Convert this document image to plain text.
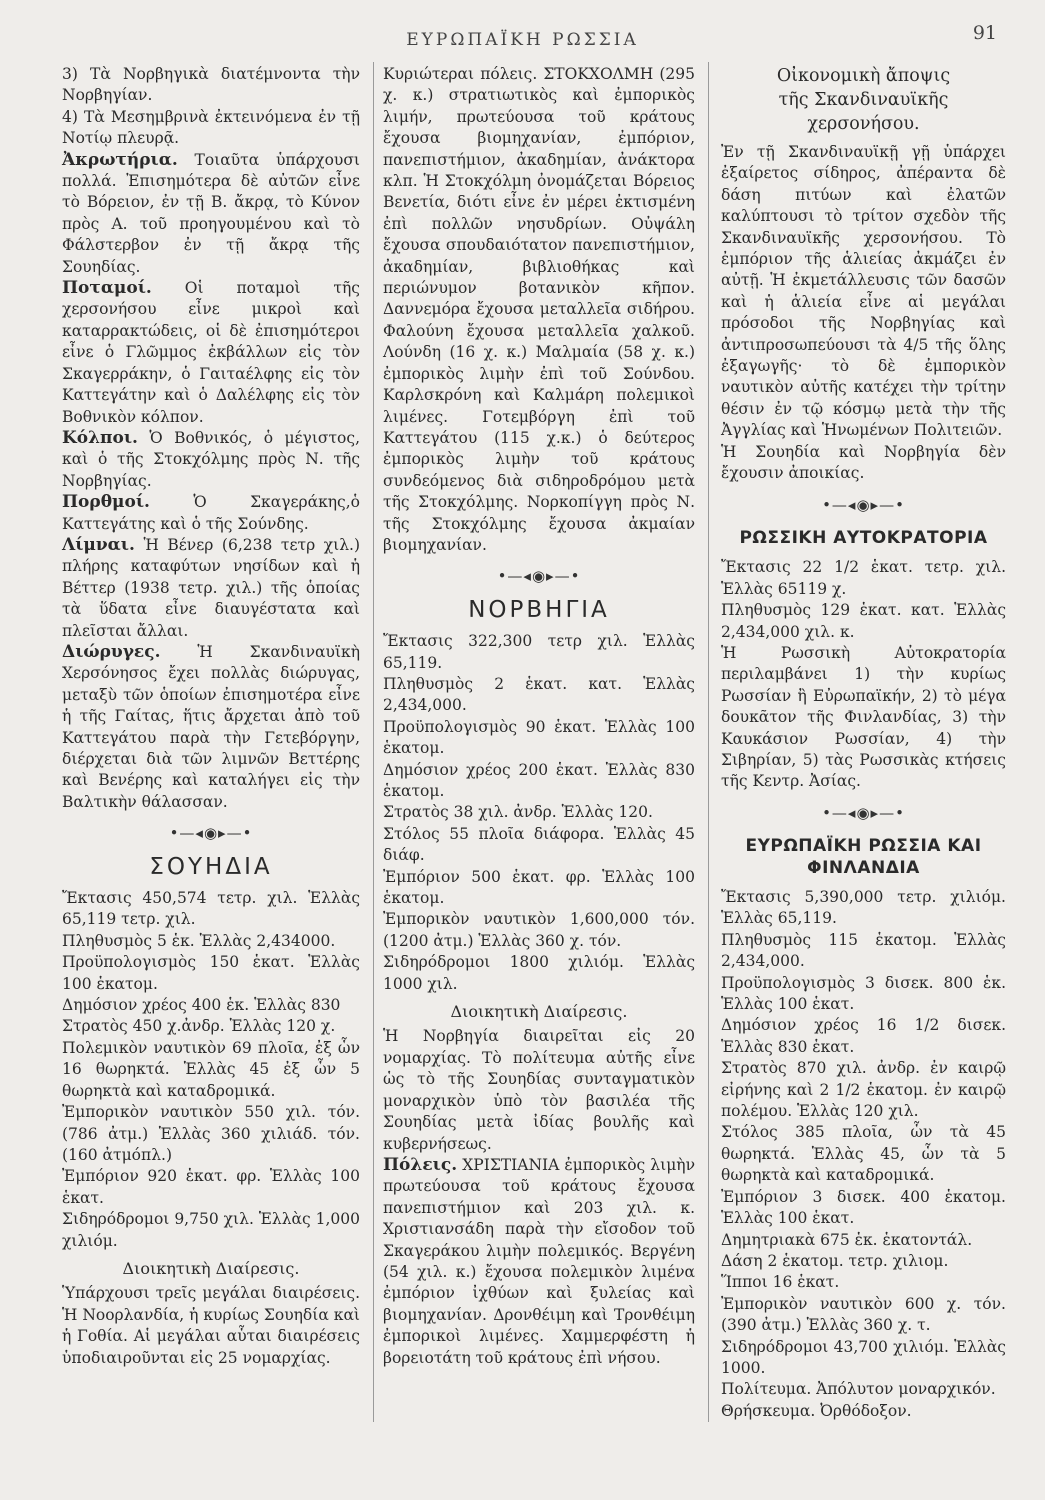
ΕΥΡΩΠΑΪΚΗ ΡΩΣΣΙΑ	91

3) Τὰ Νορβηγικὰ διατέμνοντα τὴν Νορβηγίαν.

4) Τὰ Μεσημβρινὰ ἐκτεινόμενα ἐν τῇ Νοτίῳ πλευρᾷ.

Ἀκρωτήρια. Τοιαῦτα ὑπάρχουσι πολλά. Ἐπισημότερα δὲ αὐτῶν εἶνε τὸ Βόρειον, ἐν τῇ Β. ἄκρᾳ, τὸ Κύνον πρὸς Α. τοῦ προηγουμένου καὶ τὸ Φάλστερβον ἐν τῇ ἄκρᾳ τῆς Σουηδίας.

Ποταμοί. Οἱ ποταμοὶ τῆς χερσονήσου εἶνε μικροὶ καὶ καταρρακτώδεις, οἱ δὲ ἐπισημότεροι εἶνε ὁ Γλῶμμος ἐκβάλλων εἰς τὸν Σκαγερράκην, ὁ Γαιταέλφης εἰς τὸν Καττεγάτην καὶ ὁ Δαλέλφης εἰς τὸν Βοθνικὸν κόλπον.

Κόλποι. Ὁ Βοθνικός, ὁ μέγιστος, καὶ ὁ τῆς Στοκχόλμης πρὸς Ν. τῆς Νορβηγίας.

Πορθμοί.	Ὁ Σκαγεράκης,ὁ Καττεγάτης καὶ ὁ τῆς Σούνδης.

Λίμναι. Ἡ Βένερ (6,238 τετρ χιλ.) πλήρης καταφύτων νησίδων καὶ ἡ Βέττερ (1938 τετρ. χιλ.) τῆς ὁποίας τὰ ὕδατα εἶνε διαυγέστατα καὶ πλεῖσται ἄλλαι.

Διώρυγες. Ἡ Σκανδιναυϊκὴ Χερσόνησος ἔχει πολλὰς διώρυγας, μεταξὺ τῶν ὁποίων ἐπισημοτέρα εἶνε ἡ τῆς Γαίτας, ἥτις ἄρχεται ἀπὸ τοῦ Καττεγάτου παρὰ τὴν Γετεβόργην, διέρχεται διὰ τῶν λιμνῶν Βεττέρης καὶ Βενέρης καὶ καταλήγει εἰς τὴν Βαλτικὴν θάλασσαν.

•—◂◉▸—•
ΣΟΥΗΔΙΑ

Ἔκτασις 450,574 τετρ. χιλ. Ἑλλὰς 65,119 τετρ. χιλ.

Πληθυσμὸς 5 ἑκ. Ἑλλὰς 2,434000.

Προϋπολογισμὸς 150 ἑκατ. Ἑλλὰς 100 ἑκατομ.

Δημόσιον χρέος 400 ἑκ. Ἑλλὰς 830

Στρατὸς 450 χ.ἀνδρ. Ἑλλὰς 120 χ.

Πολεμικὸν ναυτικὸν 69 πλοῖα, ἐξ ὧν 16 θωρηκτά. Ἑλλὰς 45 ἐξ ὧν 5 θωρηκτὰ καὶ καταδρομικά.

Ἐμπορικὸν ναυτικὸν 550 χιλ. τόν. (786 ἀτμ.) Ἑλλὰς 360 χιλιάδ. τόν. (160 ἀτμόπλ.)

Ἐμπόριον 920 ἑκατ. φρ. Ἑλλὰς 100 ἑκατ.

Σιδηρόδρομοι 9,750 χιλ. Ἑλλὰς 1,000 χιλιόμ.

Διοικητικὴ Διαίρεσις.

Ὑπάρχουσι τρεῖς μεγάλαι διαιρέσεις. Ἡ Νοορλανδία, ἡ κυρίως Σουηδία καὶ ἡ Γοθία. Αἱ μεγάλαι αὗται διαιρέσεις ὑποδιαιροῦνται εἰς 25 νομαρχίας.

Κυριώτεραι πόλεις. ΣΤΟΚΧΟΛΜΗ (295 χ. κ.) στρατιωτικὸς καὶ ἐμπορικὸς λιμήν, πρωτεύουσα τοῦ κράτους ἔχουσα βιομηχανίαν, ἐμπόριον, πανεπιστήμιον, ἀκαδημίαν, ἀνάκτορα κλπ. Ἡ Στοκχόλμη ὀνομάζεται Βόρειος Βενετία, διότι εἶνε ἐν μέρει ἐκτισμένη ἐπὶ πολλῶν νησυδρίων. Οὐψάλη ἔχουσα σπουδαιότατον πανεπιστήμιον, ἀκαδημίαν, βιβλιοθήκας καὶ περιώνυμον βοτανικὸν κῆπον. Δαννεμόρα ἔχουσα μεταλλεῖα σιδήρου. Φαλούνη ἔχουσα μεταλλεῖα χαλκοῦ. Λούνδη (16 χ. κ.) Μαλμαία (58 χ. κ.) ἐμπορικὸς λιμὴν ἐπὶ τοῦ Σούνδου. Καρλσκρόνη καὶ Καλμάρη πολεμικοὶ λιμένες. Γοτεμβόργη ἐπὶ τοῦ Καττεγάτου (115 χ.κ.) ὁ δεύτερος ἐμπορικὸς λιμὴν τοῦ κράτους συνδεόμενος διὰ σιδηροδρόμου μετὰ τῆς Στοκχόλμης. Νορκοπίγγη πρὸς Ν. τῆς Στοκχόλμης ἔχουσα ἀκμαίαν βιομηχανίαν.

•—◂◉▸—•
ΝΟΡΒΗΓΙΑ

Ἔκτασις 322,300 τετρ χιλ. Ἑλλὰς 65,119.

Πληθυσμὸς 2 ἑκατ. κατ. Ἑλλὰς 2,434,000.

Προϋπολογισμὸς 90 ἑκατ. Ἑλλὰς 100 ἑκατομ.

Δημόσιον χρέος 200 ἑκατ. Ἑλλὰς 830 ἑκατομ.

Στρατὸς 38 χιλ. ἀνδρ. Ἑλλὰς 120.

Στόλος 55 πλοῖα διάφορα. Ἑλλὰς 45 διάφ.

Ἐμπόριον 500 ἑκατ. φρ. Ἑλλὰς 100 ἑκατομ.

Ἐμπορικὸν ναυτικὸν 1,600,000 τόν. (1200 ἀτμ.) Ἑλλὰς 360 χ. τόν.

Σιδηρόδρομοι 1800 χιλιόμ. Ἑλλὰς 1000 χιλ.

Διοικητικὴ Διαίρεσις.

Ἡ Νορβηγία διαιρεῖται εἰς 20 νομαρχίας. Τὸ πολίτευμα αὐτῆς εἶνε ὡς τὸ τῆς Σουηδίας συνταγματικὸν μοναρχικὸν ὑπὸ τὸν βασιλέα τῆς Σουηδίας μετὰ ἰδίας βουλῆς καὶ κυβερνήσεως.

Πόλεις. ΧΡΙΣΤΙΑΝΙΑ ἐμπορικὸς λιμὴν πρωτεύουσα τοῦ κράτους ἔχουσα πανεπιστήμιον καὶ 203 χιλ. κ. Χριστιανσάδη παρὰ τὴν εἴσοδον τοῦ Σκαγεράκου λιμὴν πολεμικός. Βεργένη (54 χιλ. κ.) ἔχουσα πολεμικὸν λιμένα ἐμπόριον ἰχθύων καὶ ξυλείας καὶ βιομηχανίαν. Δρονθέιμη καὶ Τρονθέιμη ἐμπορικοὶ λιμένες. Χαμμερφέστη ἡ βορειοτάτη τοῦ κράτους ἐπὶ νήσου.

Οἰκονομικὴ ἄποψις
τῆς Σκανδιναυϊκῆς χερσονήσου.

Ἐν τῇ Σκανδιναυϊκῇ γῇ ὑπάρχει ἐξαίρετος σίδηρος, ἀπέραντα δὲ δάση πιτύων καὶ ἐλατῶν καλύπτουσι τὸ τρίτον σχεδὸν τῆς Σκανδιναυϊκῆς χερσονήσου. Τὸ ἐμπόριον τῆς ἁλιείας ἀκμάζει ἐν αὐτῇ. Ἡ ἐκμετάλλευσις τῶν δασῶν καὶ ἡ ἁλιεία εἶνε αἱ μεγάλαι πρόσοδοι τῆς Νορβηγίας καὶ ἀντιπροσωπεύουσι τὰ 4/5 τῆς ὅλης ἐξαγωγῆς· τὸ δὲ ἐμπορικὸν ναυτικὸν αὐτῆς κατέχει τὴν τρίτην θέσιν ἐν τῷ κόσμῳ μετὰ τὴν τῆς Ἀγγλίας καὶ Ἡνωμένων Πολιτειῶν.

Ἡ Σουηδία καὶ Νορβηγία δὲν ἔχουσιν ἀποικίας.

•—◂◉▸—•
ΡΩΣΣΙΚΗ ΑΥΤΟΚΡΑΤΟΡΙΑ

Ἔκτασις 22 1/2 ἑκατ. τετρ. χιλ. Ἑλλὰς 65119 χ.

Πληθυσμὸς 129 ἑκατ. κατ. Ἑλλὰς 2,434,000 χιλ. κ.

Ἡ Ρωσσικὴ Αὐτοκρατορία περιλαμβάνει 1) τὴν κυρίως Ρωσσίαν ἢ Εὐρωπαϊκήν, 2) τὸ μέγα δουκᾶτον τῆς Φινλανδίας, 3) τὴν Καυκάσιον Ρωσσίαν, 4) τὴν Σιβηρίαν, 5) τὰς Ρωσσικὰς κτήσεις τῆς Κεντρ. Ἀσίας.

•—◂◉▸—•
ΕΥΡΩΠΑΪΚΗ ΡΩΣΣΙΑ ΚΑΙ ΦΙΝΛΑΝΔΙΑ

Ἔκτασις 5,390,000 τετρ. χιλιόμ. Ἑλλὰς 65,119.

Πληθυσμὸς 115 ἑκατομ. Ἑλλὰς 2,434,000.

Προϋπολογισμὸς 3 δισεκ. 800 ἑκ. Ἑλλὰς 100 ἑκατ.

Δημόσιον χρέος 16 1/2 δισεκ. Ἑλλὰς 830 ἑκατ.

Στρατὸς 870 χιλ. ἀνδρ. ἐν καιρῷ εἰρήνης καὶ 2 1/2 ἑκατομ. ἐν καιρῷ πολέμου. Ἑλλὰς 120 χιλ.

Στόλος 385 πλοῖα, ὧν τὰ 45 θωρηκτά. Ἑλλὰς 45, ὧν τὰ 5 θωρηκτὰ καὶ καταδρομικά.

Ἐμπόριον 3 δισεκ. 400 ἑκατομ. Ἑλλὰς 100 ἑκατ.

Δημητριακὰ 675 ἑκ. ἑκατοντάλ.

Δάση 2 ἑκατομ. τετρ. χιλιομ.

Ἵπποι 16 ἑκατ.

Ἐμπορικὸν ναυτικὸν 600 χ. τόν. (390 ἀτμ.) Ἑλλὰς 360 χ. τ.

Σιδηρόδρομοι 43,700 χιλιόμ. Ἑλλὰς 1000.

Πολίτευμα. Ἀπόλυτον μοναρχικόν.

Θρήσκευμα. Ὀρθόδοξον.
